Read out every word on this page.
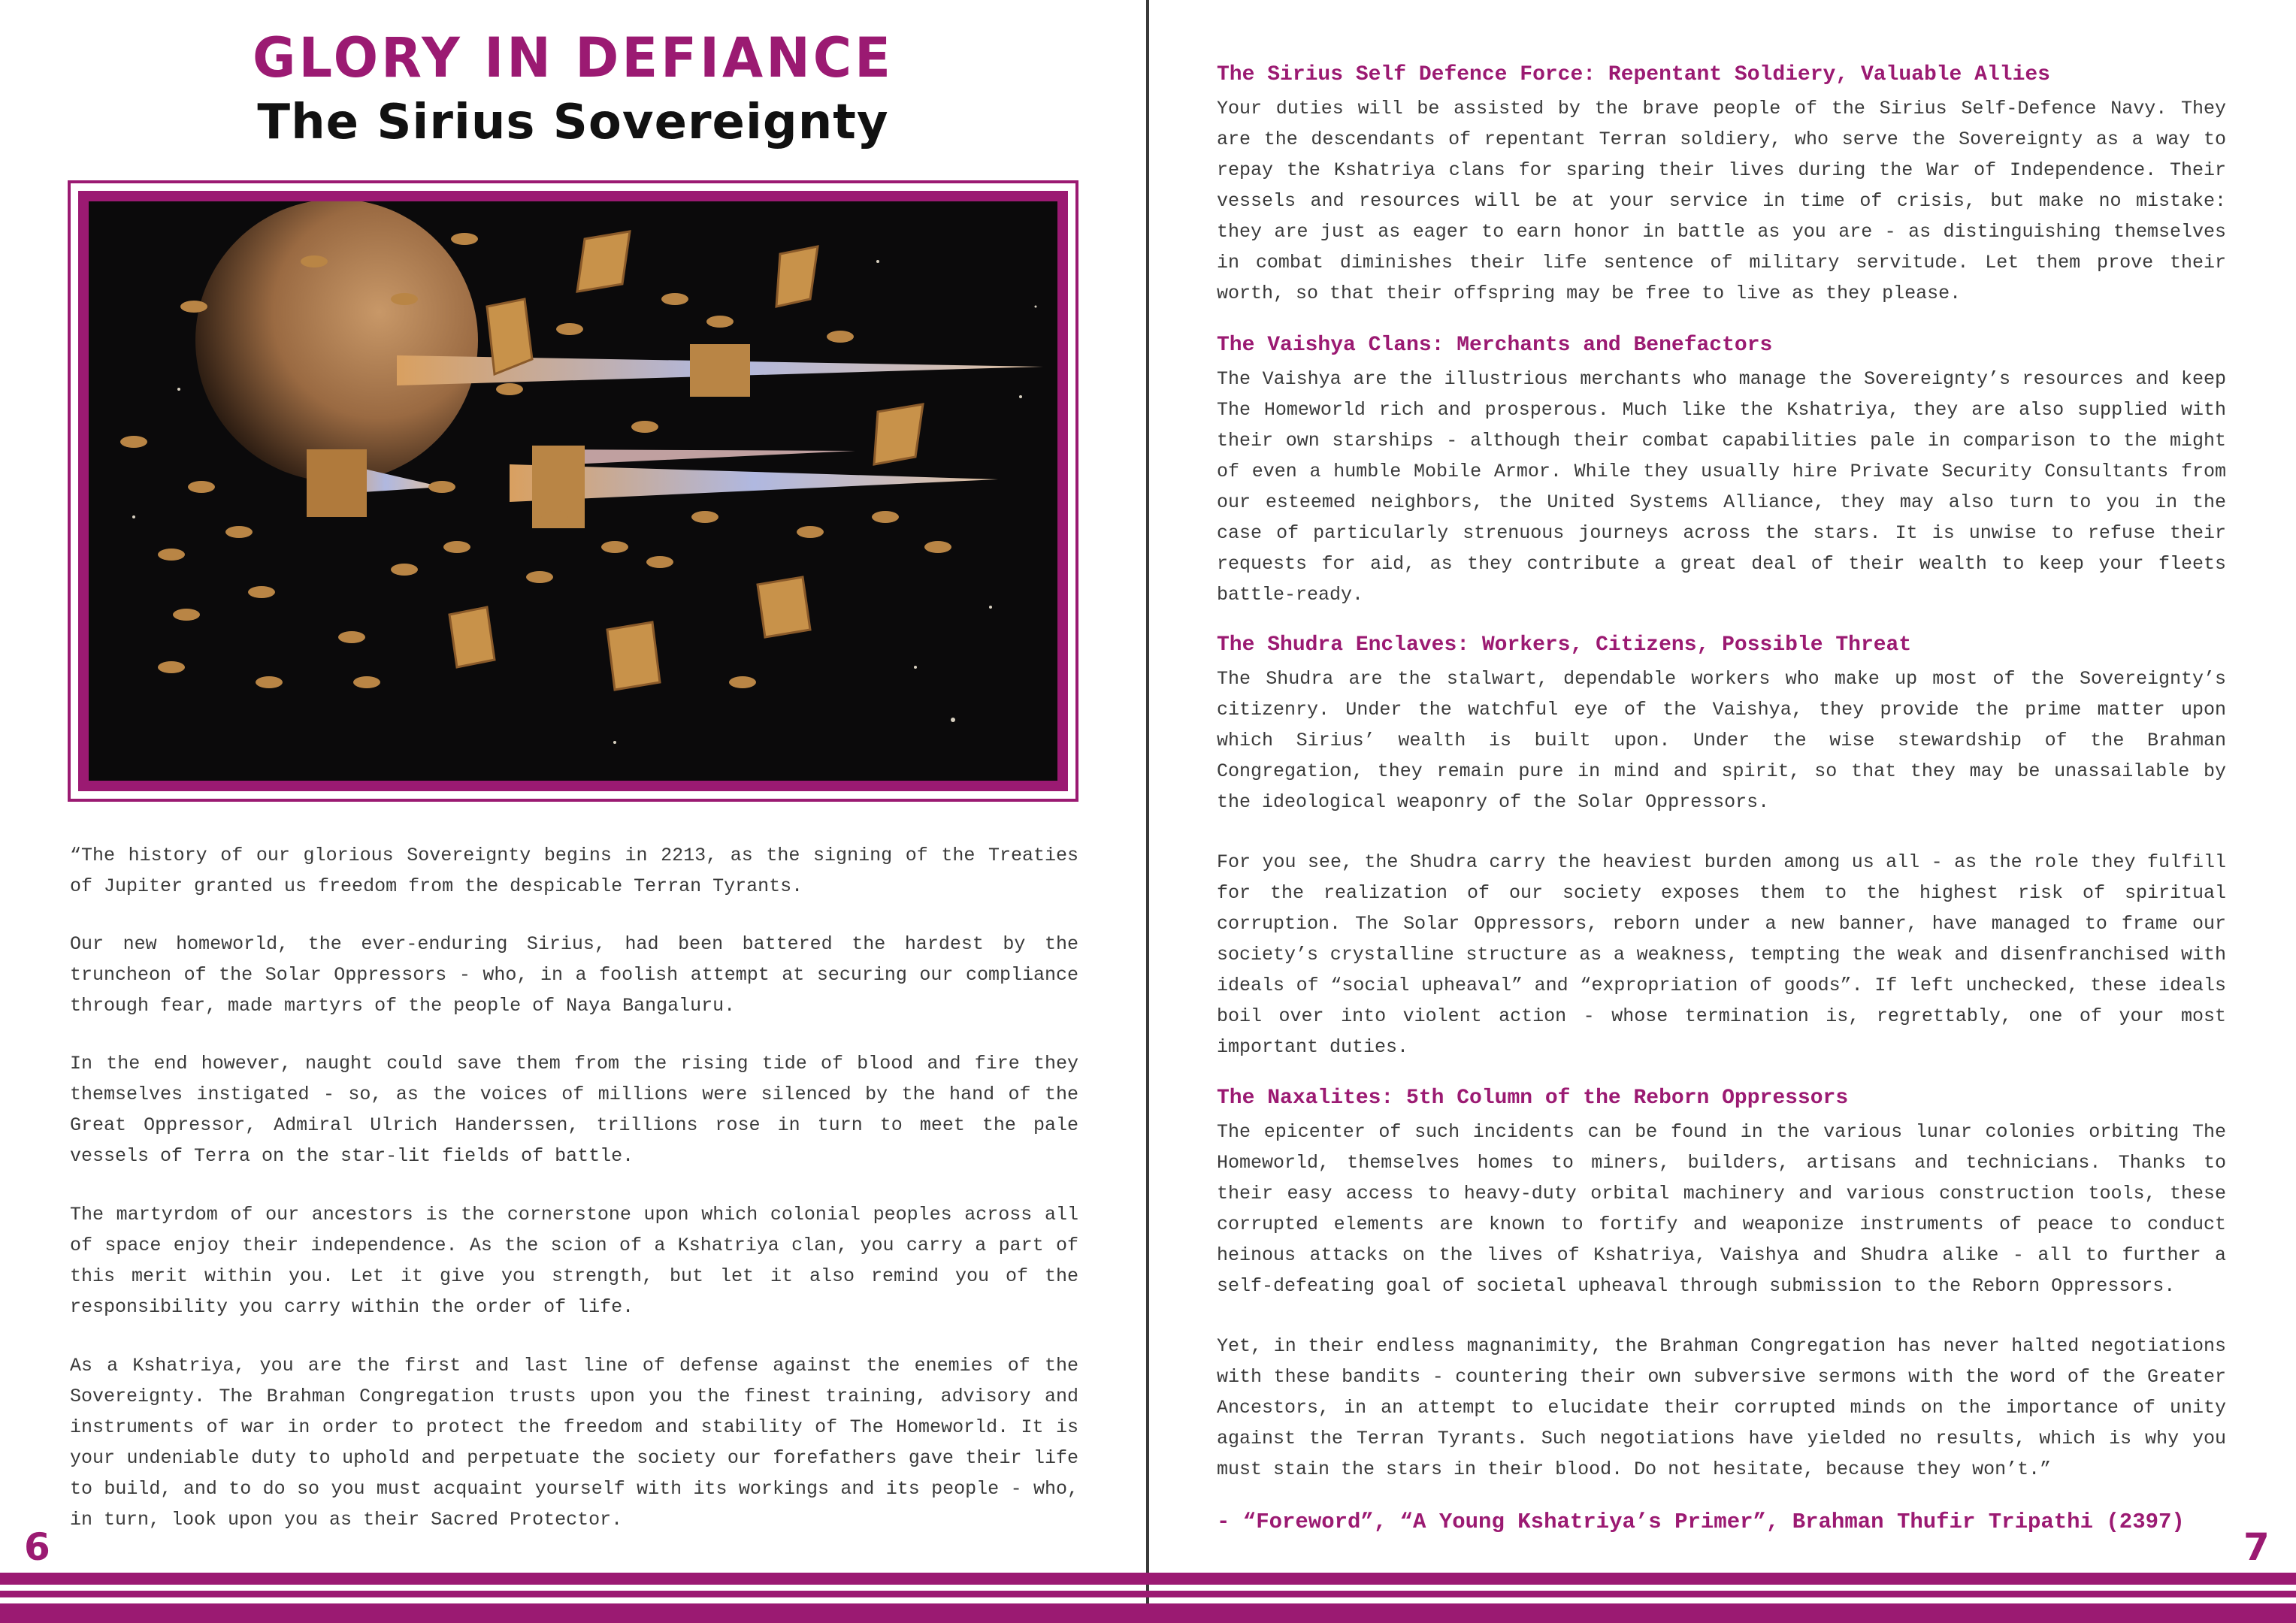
GLORY IN DEFIANCE
The Sirius Sovereignty

“The history of our glorious Sovereignty begins in 2213, as the signing of the Treaties of Jupiter granted us freedom from the despicable Terran Tyrants.

Our new homeworld, the ever-enduring Sirius, had been battered the hardest by the truncheon of the Solar Oppressors - who, in a foolish attempt at securing our compliance through fear, made martyrs of the people of Naya Bangaluru.

In the end however, naught could save them from the rising tide of blood and fire they themselves instigated - so, as the voices of millions were silenced by the hand of the Great Oppressor, Admiral Ulrich Handerssen, trillions rose in turn to meet the pale vessels of Terra on the star-lit fields of battle.

The martyrdom of our ancestors is the cornerstone upon which colonial peoples across all of space enjoy their independence. As the scion of a Kshatriya clan, you carry a part of this merit within you. Let it give you strength, but let it also remind you of the responsibility you carry within the order of life.

As a Kshatriya, you are the first and last line of defense against the enemies of the Sovereignty. The Brahman Congregation trusts upon you the finest training, advisory and instruments of war in order to protect the freedom and stability of The Homeworld. It is your undeniable duty to uphold and perpetuate the society our forefathers gave their life to build, and to do so you must acquaint yourself with its workings and its people - who, in turn, look upon you as their Sacred Protector.

6
The Sirius Self Defence Force: Repentant Soldiery, Valuable Allies

Your duties will be assisted by the brave people of the Sirius Self-Defence Navy. They are the descendants of repentant Terran soldiery, who serve the Sovereignty as a way to repay the Kshatriya clans for sparing their lives during the War of Independence. Their vessels and resources will be at your service in time of crisis, but make no mistake: they are just as eager to earn honor in battle as you are - as distinguishing themselves in combat diminishes their life sentence of military servitude. Let them prove their worth, so that their offspring may be free to live as they please.

The Vaishya Clans: Merchants and Benefactors

The Vaishya are the illustrious merchants who manage the Sovereignty’s resources and keep The Homeworld rich and prosperous. Much like the Kshatriya, they are also supplied with their own starships - although their combat capabilities pale in comparison to the might of even a humble Mobile Armor. While they usually hire Private Security Consultants from our esteemed neighbors, the United Systems Alliance, they may also turn to you in the case of particularly strenuous journeys across the stars. It is unwise to refuse their requests for aid, as they contribute a great deal of their wealth to keep your fleets battle-ready.

The Shudra Enclaves: Workers, Citizens, Possible Threat

The Shudra are the stalwart, dependable workers who make up most of the Sovereignty’s citizenry. Under the watchful eye of the Vaishya, they provide the prime matter upon which Sirius’ wealth is built upon. Under the wise stewardship of the Brahman Congregation, they remain pure in mind and spirit, so that they may be unassailable by the ideological weaponry of the Solar Oppressors.

For you see, the Shudra carry the heaviest burden among us all - as the role they fulfill for the realization of our society exposes them to the highest risk of spiritual corruption. The Solar Oppressors, reborn under a new banner, have managed to frame our society’s crystalline structure as a weakness, tempting the weak and disenfranchised with ideals of “social upheaval” and “expropriation of goods”. If left unchecked, these ideals boil over into violent action - whose termination is, regrettably, one of your most important duties.

The Naxalites: 5th Column of the Reborn Oppressors

The epicenter of such incidents can be found in the various lunar colonies orbiting The Homeworld, themselves homes to miners, builders, artisans and technicians. Thanks to their easy access to heavy-duty orbital machinery and various construction tools, these corrupted elements are known to fortify and weaponize instruments of peace to conduct heinous attacks on the lives of Kshatriya, Vaishya and Shudra alike - all to further a self-defeating goal of societal upheaval through submission to the Reborn Oppressors.

Yet, in their endless magnanimity, the Brahman Congregation has never halted negotiations with these bandits - countering their own subversive sermons with the word of the Greater Ancestors, in an attempt to elucidate their corrupted minds on the importance of unity against the Terran Tyrants. Such negotiations have yielded no results, which is why you must stain the stars in their blood. Do not hesitate, because they won’t.”

- “Foreword”, “A Young Kshatriya’s Primer”, Brahman Thufir Tripathi (2397)
7
